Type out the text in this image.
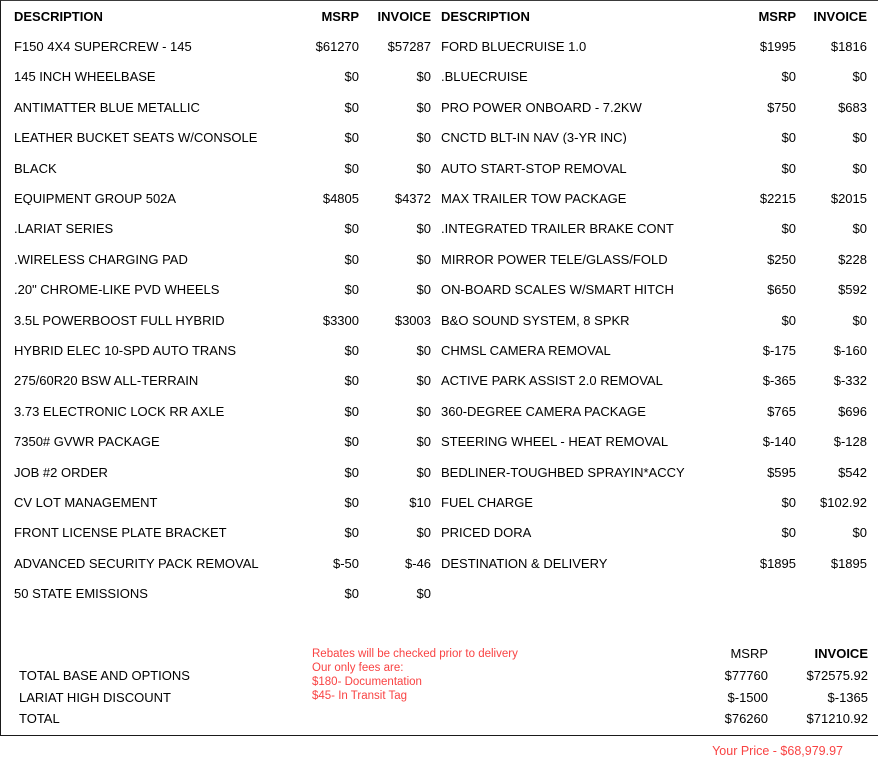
DESCRIPTION	MSRP	INVOICE
F150 4X4 SUPERCREW - 145	$61270	$57287
145 INCH WHEELBASE	$0	$0
ANTIMATTER BLUE METALLIC	$0	$0
LEATHER BUCKET SEATS W/CONSOLE	$0	$0
BLACK	$0	$0
EQUIPMENT GROUP 502A	$4805	$4372
.LARIAT SERIES	$0	$0
.WIRELESS CHARGING PAD	$0	$0
.20" CHROME-LIKE PVD WHEELS	$0	$0
3.5L POWERBOOST FULL HYBRID	$3300	$3003
HYBRID ELEC 10-SPD AUTO TRANS	$0	$0
275/60R20 BSW ALL-TERRAIN	$0	$0
3.73 ELECTRONIC LOCK RR AXLE	$0	$0
7350# GVWR PACKAGE	$0	$0
JOB #2 ORDER	$0	$0
CV LOT MANAGEMENT	$0	$10
FRONT LICENSE PLATE BRACKET	$0	$0
ADVANCED SECURITY PACK REMOVAL	$-50	$-46
50 STATE EMISSIONS	$0	$0
DESCRIPTION	MSRP	INVOICE
FORD BLUECRUISE 1.0	$1995	$1816
.BLUECRUISE	$0	$0
PRO POWER ONBOARD - 7.2KW	$750	$683
CNCTD BLT-IN NAV (3-YR INC)	$0	$0
AUTO START-STOP REMOVAL	$0	$0
MAX TRAILER TOW PACKAGE	$2215	$2015
.INTEGRATED TRAILER BRAKE CONT	$0	$0
MIRROR POWER TELE/GLASS/FOLD	$250	$228
ON-BOARD SCALES W/SMART HITCH	$650	$592
B&O SOUND SYSTEM, 8 SPKR	$0	$0
CHMSL CAMERA REMOVAL	$-175	$-160
ACTIVE PARK ASSIST 2.0 REMOVAL	$-365	$-332
360-DEGREE CAMERA PACKAGE	$765	$696
STEERING WHEEL - HEAT REMOVAL	$-140	$-128
BEDLINER-TOUGHBED SPRAYIN*ACCY	$595	$542
FUEL CHARGE	$0	$102.92
PRICED DORA	$0	$0
DESTINATION & DELIVERY	$1895	$1895
MSRP	INVOICE
TOTAL BASE AND OPTIONS	$77760	$72575.92
LARIAT HIGH DISCOUNT	$-1500	$-1365
TOTAL	$76260	$71210.92
Rebates will be checked prior to delivery
Our only fees are:
$180- Documentation
$45- In Transit Tag
Your Price - $68,979.97
